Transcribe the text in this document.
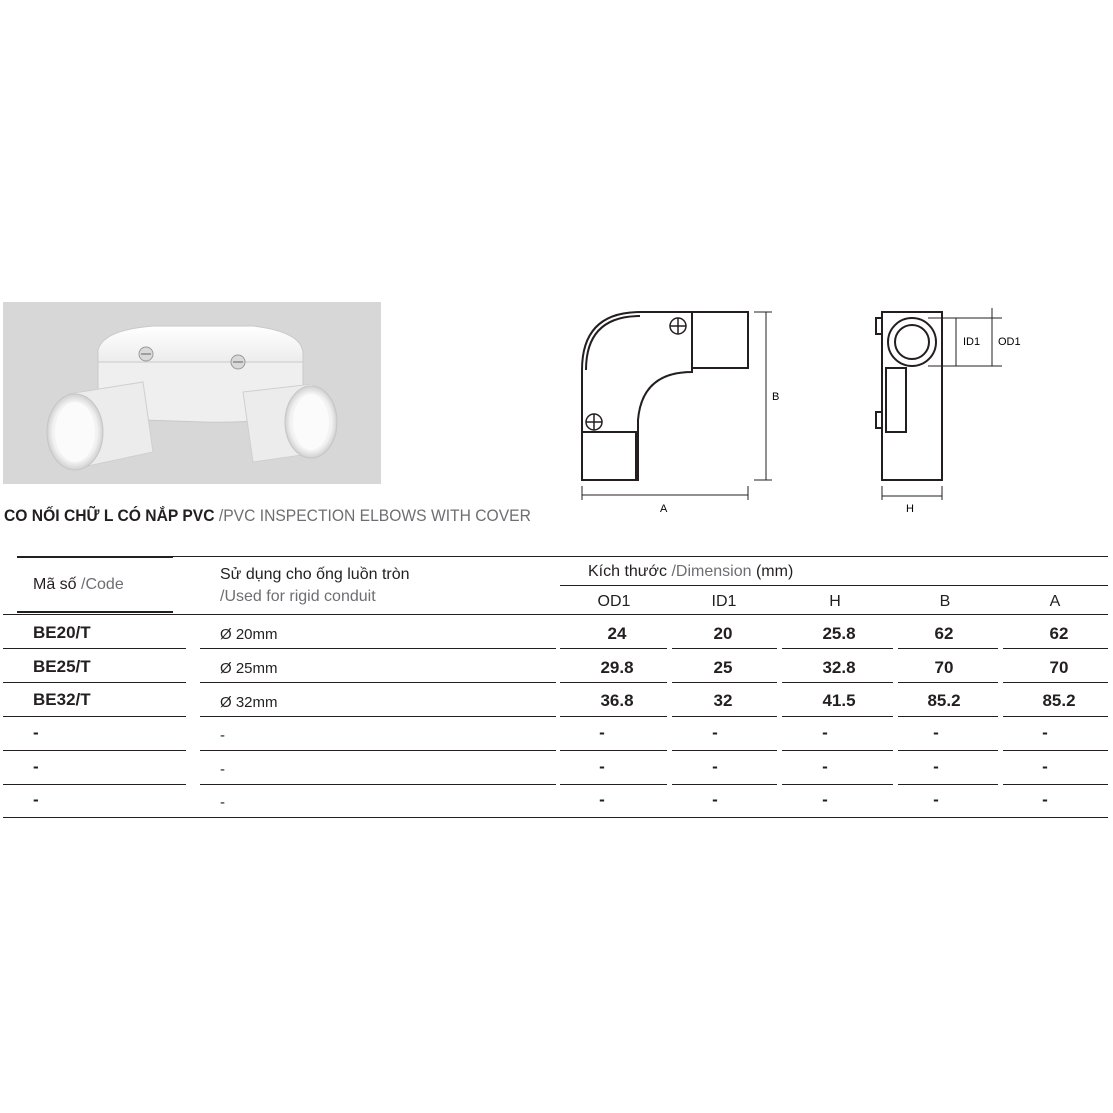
B
A
ID1 OD1
H
CO NỐI CHỮ L CÓ NẮP PVC /PVC INSPECTION ELBOWS WITH COVER
Mã số /Code
Sử dụng cho ống luồn tròn
/Used for rigid conduit
Kích thước /Dimension (mm)
OD1	ID1	H	B	A
BE20/T	Ø 20mm	24	20	25.8	62	62
BE25/T	Ø 25mm	29.8	25	32.8	70	70
BE32/T	Ø 32mm	36.8	32	41.5	85.2	85.2
-	-	-	-	-	-	-
-	-	-	-	-	-	-
-	-	-	-	-	-	-
